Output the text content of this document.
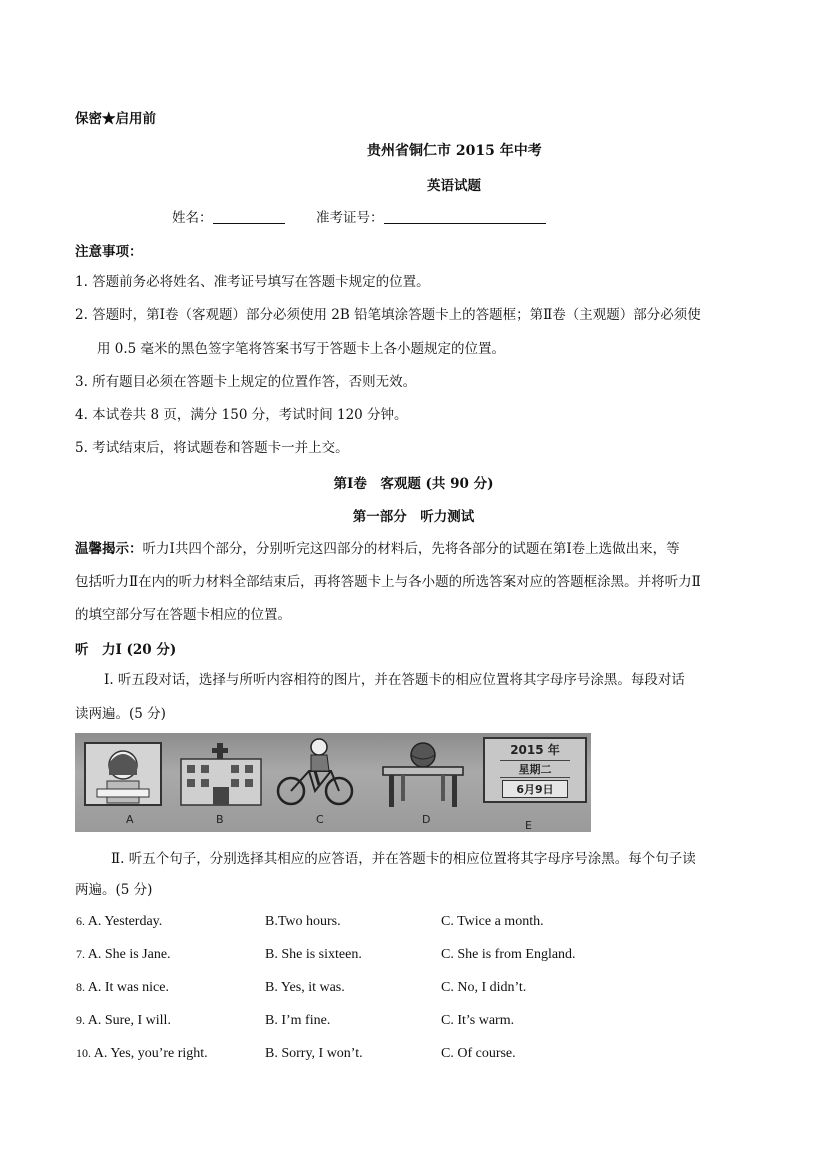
保密★启用前
贵州省铜仁市 2015 年中考
英语试题
姓名：	准考证号：
注意事项：
1. 答题前务必将姓名、准考证号填写在答题卡规定的位置。
2. 答题时，第Ⅰ卷（客观题）部分必须使用 2B 铅笔填涂答题卡上的答题框；第Ⅱ卷（主观题）部分必须使
用 0.5 毫米的黑色签字笔将答案书写于答题卡上各小题规定的位置。
3. 所有题目必须在答题卡上规定的位置作答，否则无效。
4. 本试卷共 8 页，满分 150 分，考试时间 120 分钟。
5. 考试结束后，将试题卷和答题卡一并上交。
第Ⅰ卷　客观题 (共 90 分)
第一部分　听力测试
温馨揭示：听力Ⅰ共四个部分，分别听完这四部分的材料后，先将各部分的试题在第Ⅰ卷上选做出来，等
包括听力Ⅱ在内的听力材料全部结束后，再将答题卡上与各小题的所选答案对应的答题框涂黑。并将听力Ⅱ
的填空部分写在答题卡相应的位置。
听　力Ⅰ (20 分)
Ⅰ. 听五段对话，选择与所听内容相符的图片，并在答题卡的相应位置将其字母序号涂黑。每段对话
读两遍。(5 分)
2015 年
星期二
6月9日
A	B	C	D	E
Ⅱ. 听五个句子，分别选择其相应的应答语，并在答题卡的相应位置将其字母序号涂黑。每个句子读
两遍。(5 分)
6. A. Yesterday.	B.Two hours.	C. Twice a month.
7. A. She is Jane.	B. She is sixteen.	C. She is from England.
8. A. It was nice.	B. Yes, it was.	C. No, I didn’t.
9. A. Sure, I will.	B. I’m fine.	C. It’s warm.
10. A. Yes, you’re right.	B. Sorry, I won’t.	C. Of course.
